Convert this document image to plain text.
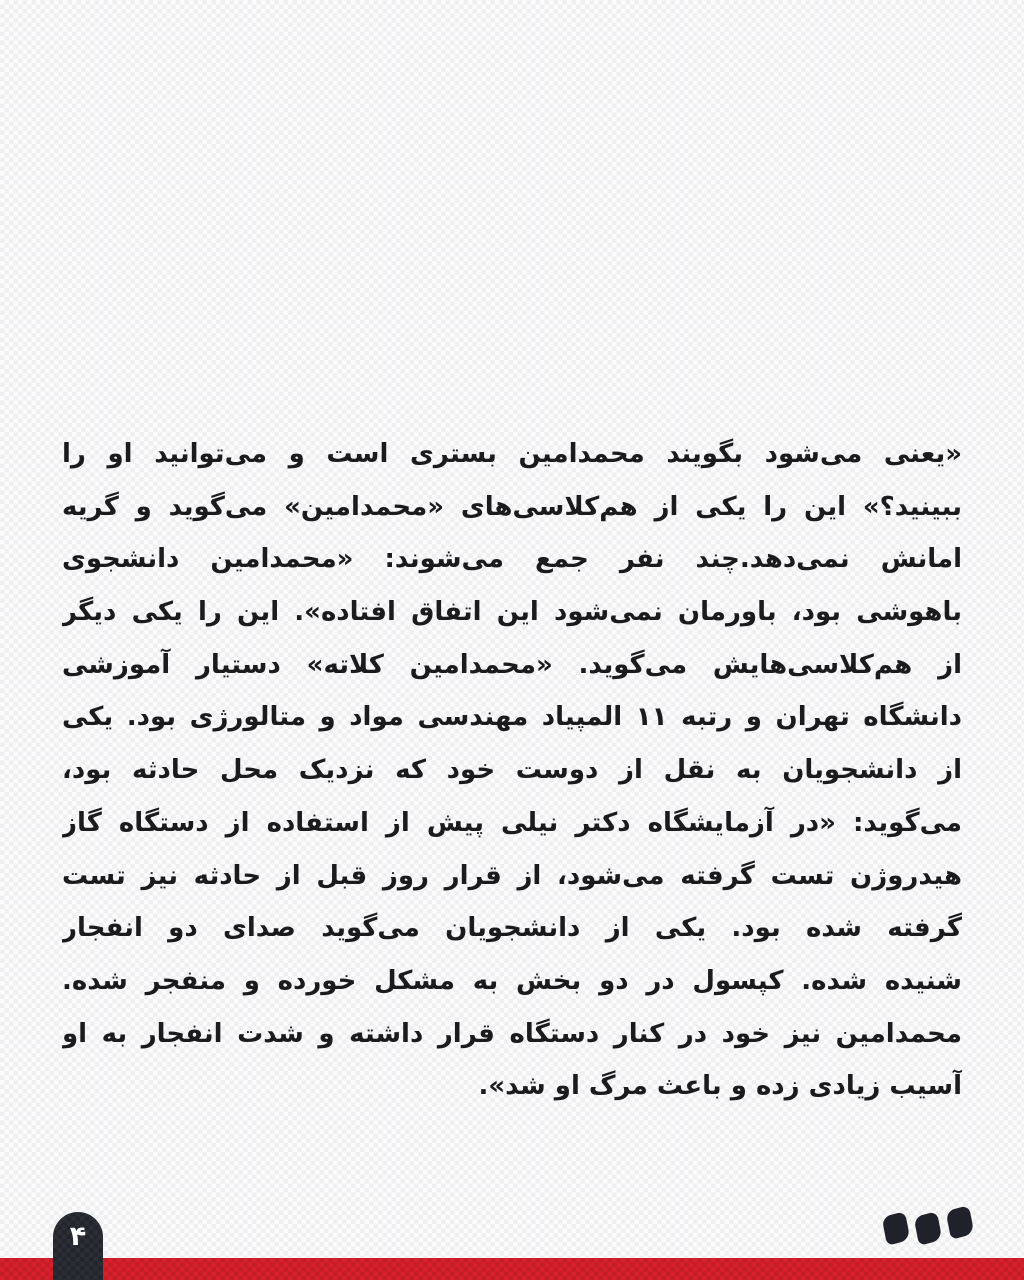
«یعنی می‌شود بگویند محمدامین بستری است و می‌توانید او را
ببینید؟» این را یکی از هم‌کلاسی‌های «محمدامین» می‌گوید و گریه
امانش نمی‌دهد.چند نفر جمع می‌شوند: «محمدامین دانشجوی
باهوشی بود، باورمان نمی‌شود این اتفاق افتاده». این را یکی دیگر
از هم‌کلاسی‌هایش می‌گوید. «محمدامین کلاته» دستیار آموزشی
دانشگاه تهران و رتبه ۱۱ المپیاد مهندسی مواد و متالورژی بود. یکی
از دانشجویان به نقل از دوست خود که نزدیک محل حادثه بود،
می‌گوید: «در آزمایشگاه دکتر نیلی پیش از استفاده از دستگاه گاز
هیدروژن تست گرفته می‌شود، از قرار روز قبل از حادثه نیز تست
گرفته شده بود. یکی از دانشجویان می‌گوید صدای دو انفجار
شنیده شده. کپسول در دو بخش به مشکل خورده و منفجر شده.
محمدامین نیز خود در کنار دستگاه قرار داشته و شدت انفجار به او
آسیب زیادی زده و باعث مرگ او شد».
۴
